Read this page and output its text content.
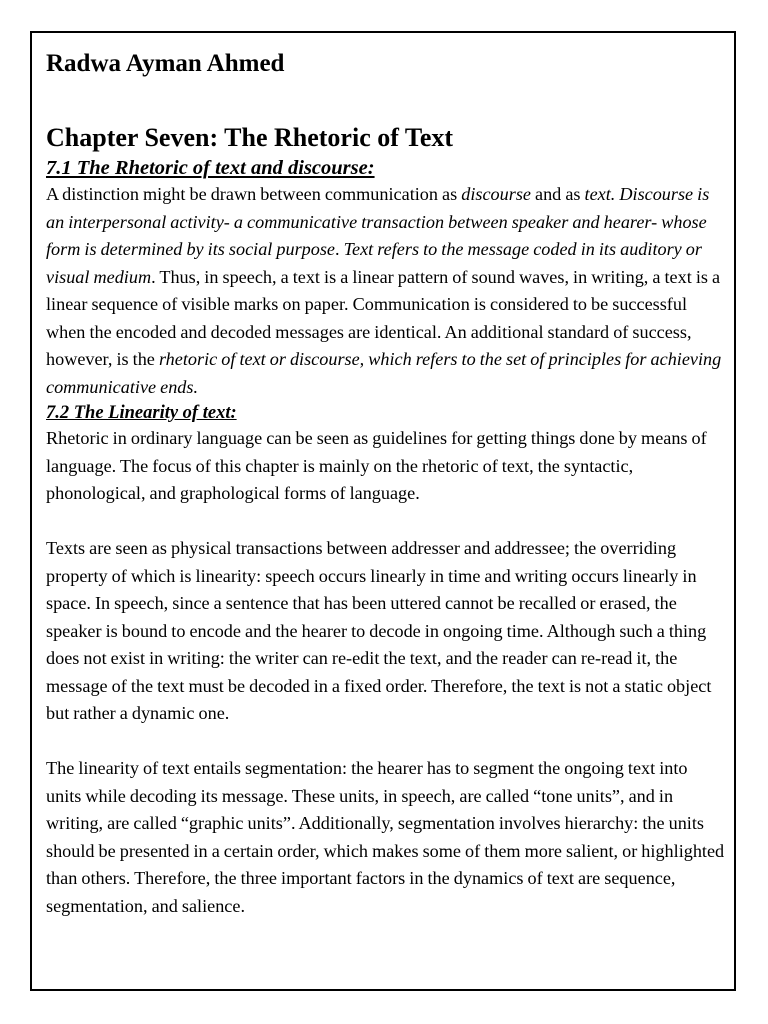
Radwa Ayman Ahmed
Chapter Seven: The Rhetoric of Text
7.1 The Rhetoric of text and discourse:

A distinction might be drawn between communication as discourse and as text. Discourse is an interpersonal activity- a communicative transaction between speaker and hearer- whose form is determined by its social purpose. Text refers to the message coded in its auditory or visual medium. Thus, in speech, a text is a linear pattern of sound waves, in writing, a text is a linear sequence of visible marks on paper. Communication is considered to be successful when the encoded and decoded messages are identical. An additional standard of success, however, is the rhetoric of text or discourse, which refers to the set of principles for achieving communicative ends.

7.2 The Linearity of text:

Rhetoric in ordinary language can be seen as guidelines for getting things done by means of language. The focus of this chapter is mainly on the rhetoric of text, the syntactic, phonological, and graphological forms of language.

Texts are seen as physical transactions between addresser and addressee; the overriding property of which is linearity: speech occurs linearly in time and writing occurs linearly in space. In speech, since a sentence that has been uttered cannot be recalled or erased, the speaker is bound to encode and the hearer to decode in ongoing time. Although such a thing does not exist in writing: the writer can re-edit the text, and the reader can re-read it, the message of the text must be decoded in a fixed order. Therefore, the text is not a static object but rather a dynamic one.

The linearity of text entails segmentation: the hearer has to segment the ongoing text into units while decoding its message. These units, in speech, are called “tone units”, and in writing, are called “graphic units”. Additionally, segmentation involves hierarchy: the units should be presented in a certain order, which makes some of them more salient, or highlighted than others. Therefore, the three important factors in the dynamics of text are sequence, segmentation, and salience.
